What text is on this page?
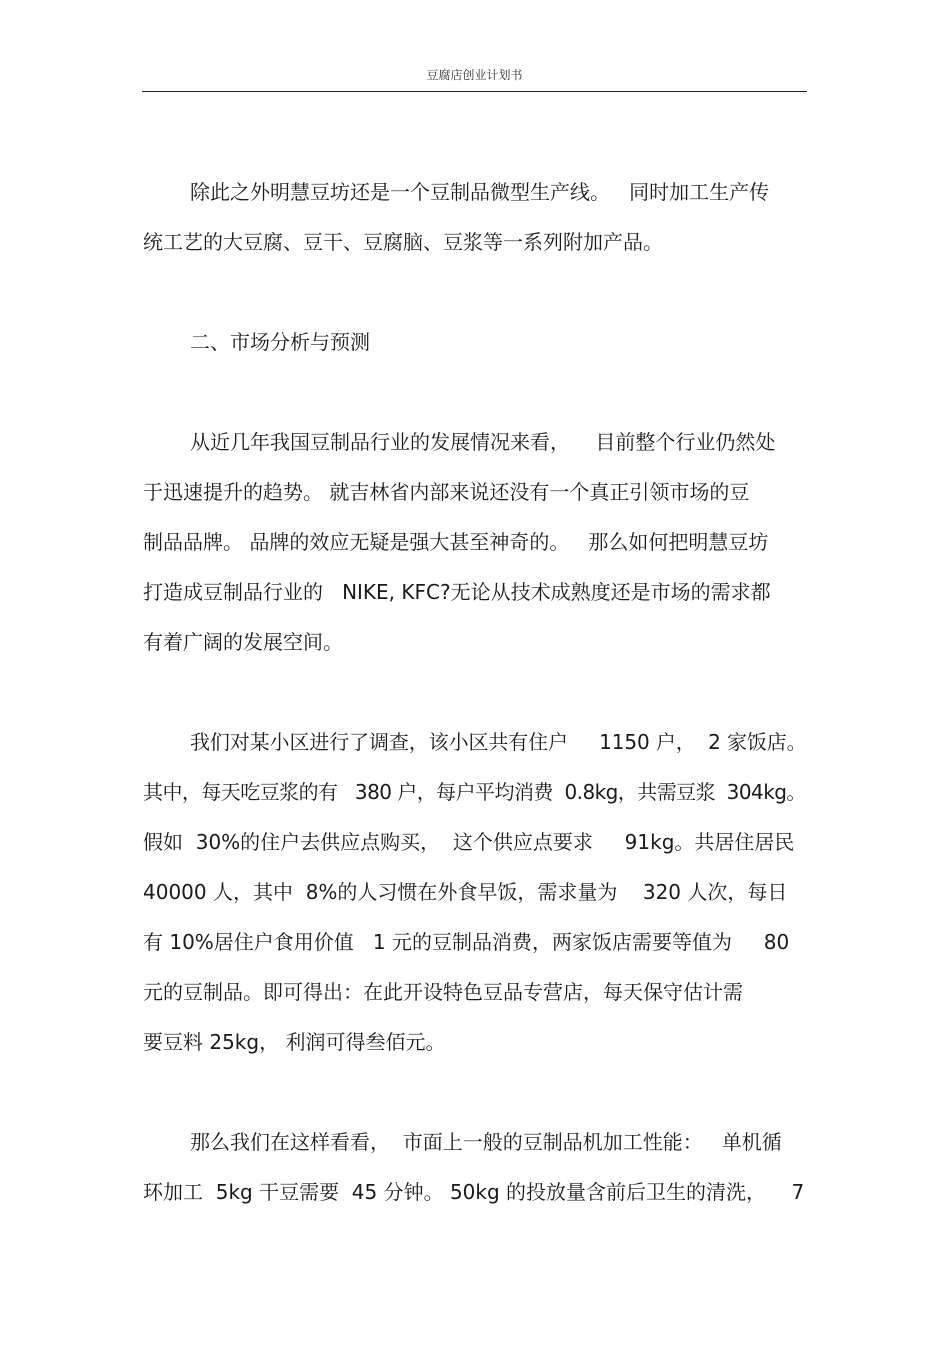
豆腐店创业计划书
除此之外明慧豆坊还是一个豆制品微型生产线。   同时加工生产传
统工艺的大豆腐、豆干、豆腐脑、豆浆等一系列附加产品。
二、市场分析与预测
从近几年我国豆制品行业的发展情况来看，    目前整个行业仍然处
于迅速提升的趋势。 就吉林省内部来说还没有一个真正引领市场的豆
制品品牌。 品牌的效应无疑是强大甚至神奇的。   那么如何把明慧豆坊
打造成豆制品行业的   NIKE, KFC?无论从技术成熟度还是市场的需求都
有着广阔的发展空间。
我们对某小区进行了调查，该小区共有住户     1150 户，  2 家饭店。
其中，每天吃豆浆的有   380 户，每户平均消费  0.8kg，共需豆浆  304kg。
假如  30%的住户去供应点购买，  这个供应点要求     91kg。共居住居民
40000 人，其中  8%的人习惯在外食早饭，需求量为    320 人次，每日
有 10%居住户食用价值   1 元的豆制品消费，两家饭店需要等值为     80
元的豆制品。即可得出：在此开设特色豆品专营店，每天保守估计需
要豆料 25kg， 利润可得叁佰元。
那么我们在这样看看，  市面上一般的豆制品机加工性能：   单机循
环加工  5kg 干豆需要  45 分钟。 50kg 的投放量含前后卫生的清洗，    7
